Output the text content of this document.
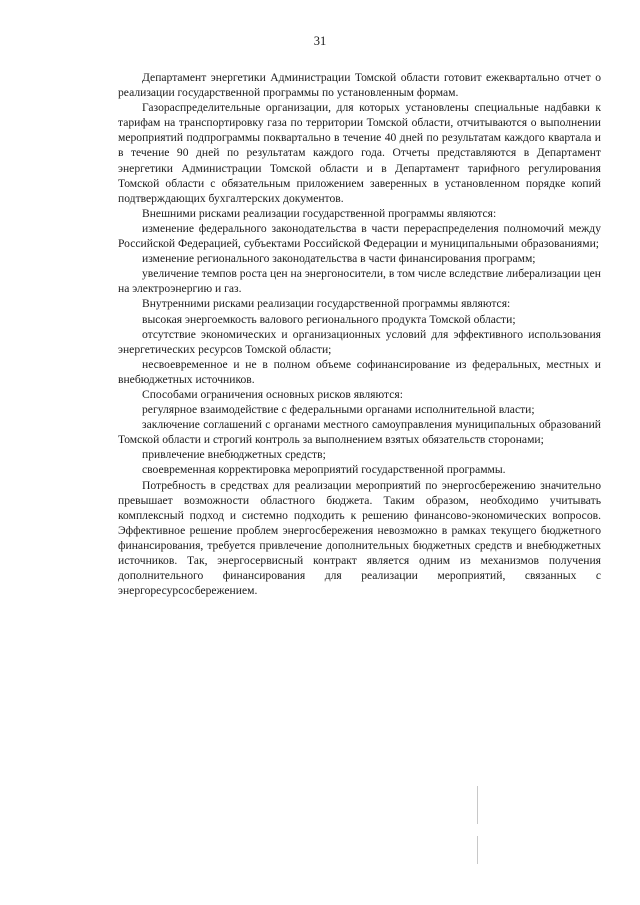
31

Департамент энергетики Администрации Томской области готовит ежеквартально отчет о реализации государственной программы по установленным формам.

Газораспределительные организации, для которых установлены специальные надбавки к тарифам на транспортировку газа по территории Томской области, отчитываются о выполнении мероприятий подпрограммы поквартально в течение 40 дней по результатам каждого квартала и в течение 90 дней по результатам каждого года. Отчеты представляются в Департамент энергетики Администрации Томской области и в Департамент тарифного регулирования Томской области с обязательным приложением заверенных в установленном порядке копий подтверждающих бухгалтерских документов.

Внешними рисками реализации государственной программы являются:

изменение федерального законодательства в части перераспределения полномочий между Российской Федерацией, субъектами Российской Федерации и муниципальными образованиями;

изменение регионального законодательства в части финансирования программ;

увеличение темпов роста цен на энергоносители, в том числе вследствие либерализации цен на электроэнергию и газ.

Внутренними рисками реализации государственной программы являются:

высокая энергоемкость валового регионального продукта Томской области;

отсутствие экономических и организационных условий для эффективного использования энергетических ресурсов Томской области;

несвоевременное и не в полном объеме софинансирование из федеральных, местных и внебюджетных источников.

Способами ограничения основных рисков являются:

регулярное взаимодействие с федеральными органами исполнительной власти;

заключение соглашений с органами местного самоуправления муниципальных образований Томской области и строгий контроль за выполнением взятых обязательств сторонами;

привлечение внебюджетных средств;

своевременная корректировка мероприятий государственной программы.

Потребность в средствах для реализации мероприятий по энергосбережению значительно превышает возможности областного бюджета. Таким образом, необходимо учитывать комплексный подход и системно подходить к решению финансово-экономических вопросов. Эффективное решение проблем энергосбережения невозможно в рамках текущего бюджетного финансирования, требуется привлечение дополнительных бюджетных средств и внебюджетных источников. Так, энергосервисный контракт является одним из механизмов получения дополнительного финансирования для реализации мероприятий, связанных с энергоресурсосбережением.
